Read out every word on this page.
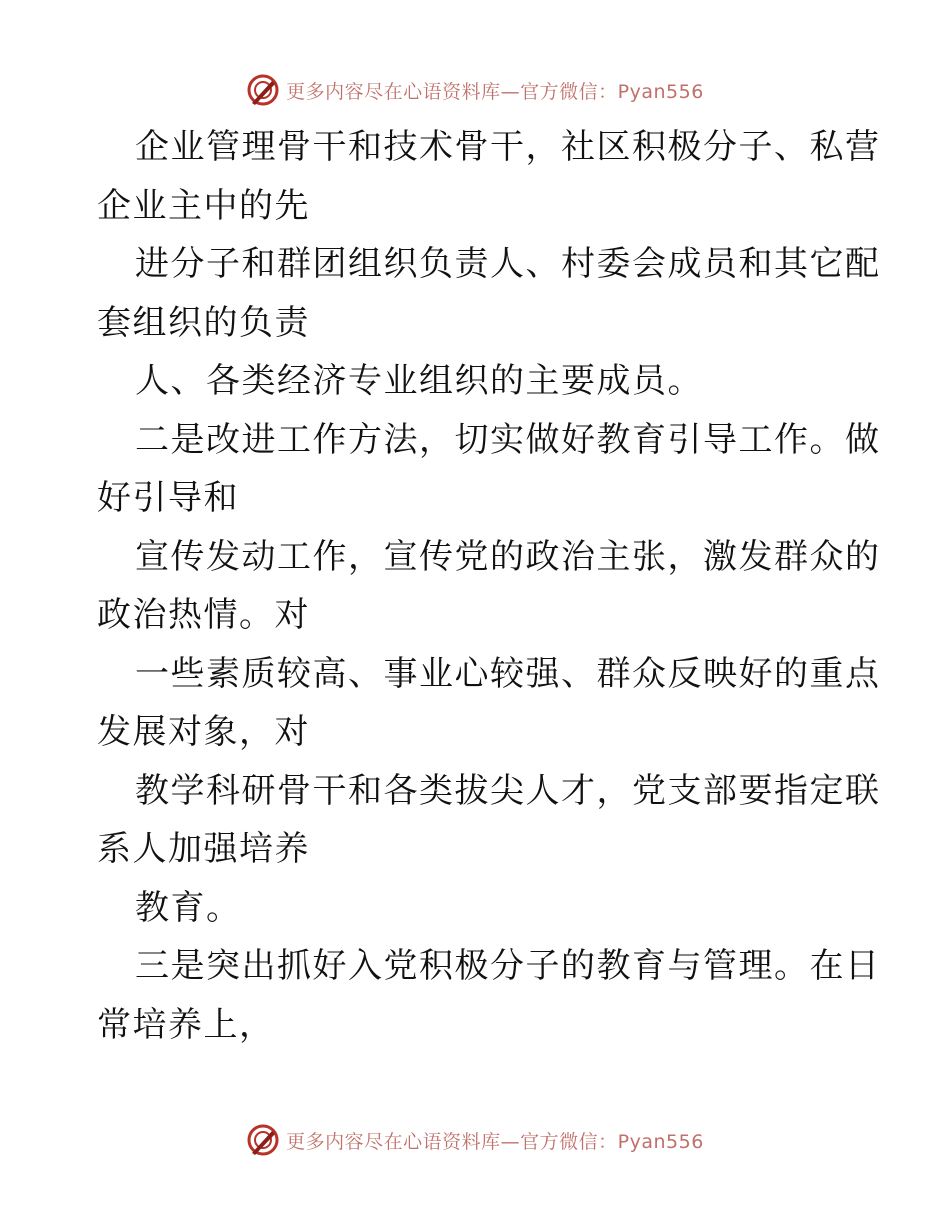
更多内容尽在心语资料库—官方微信：Pyan556
企业管理骨干和技术骨干，社区积极分子、私营
企业主中的先
进分子和群团组织负责人、村委会成员和其它配
套组织的负责
人、各类经济专业组织的主要成员。
二是改进工作方法，切实做好教育引导工作。做
好引导和
宣传发动工作，宣传党的政治主张，激发群众的
政治热情。对
一些素质较高、事业心较强、群众反映好的重点
发展对象，对
教学科研骨干和各类拔尖人才，党支部要指定联
系人加强培养
教育。
三是突出抓好入党积极分子的教育与管理。在日
常培养上，
更多内容尽在心语资料库—官方微信：Pyan556
